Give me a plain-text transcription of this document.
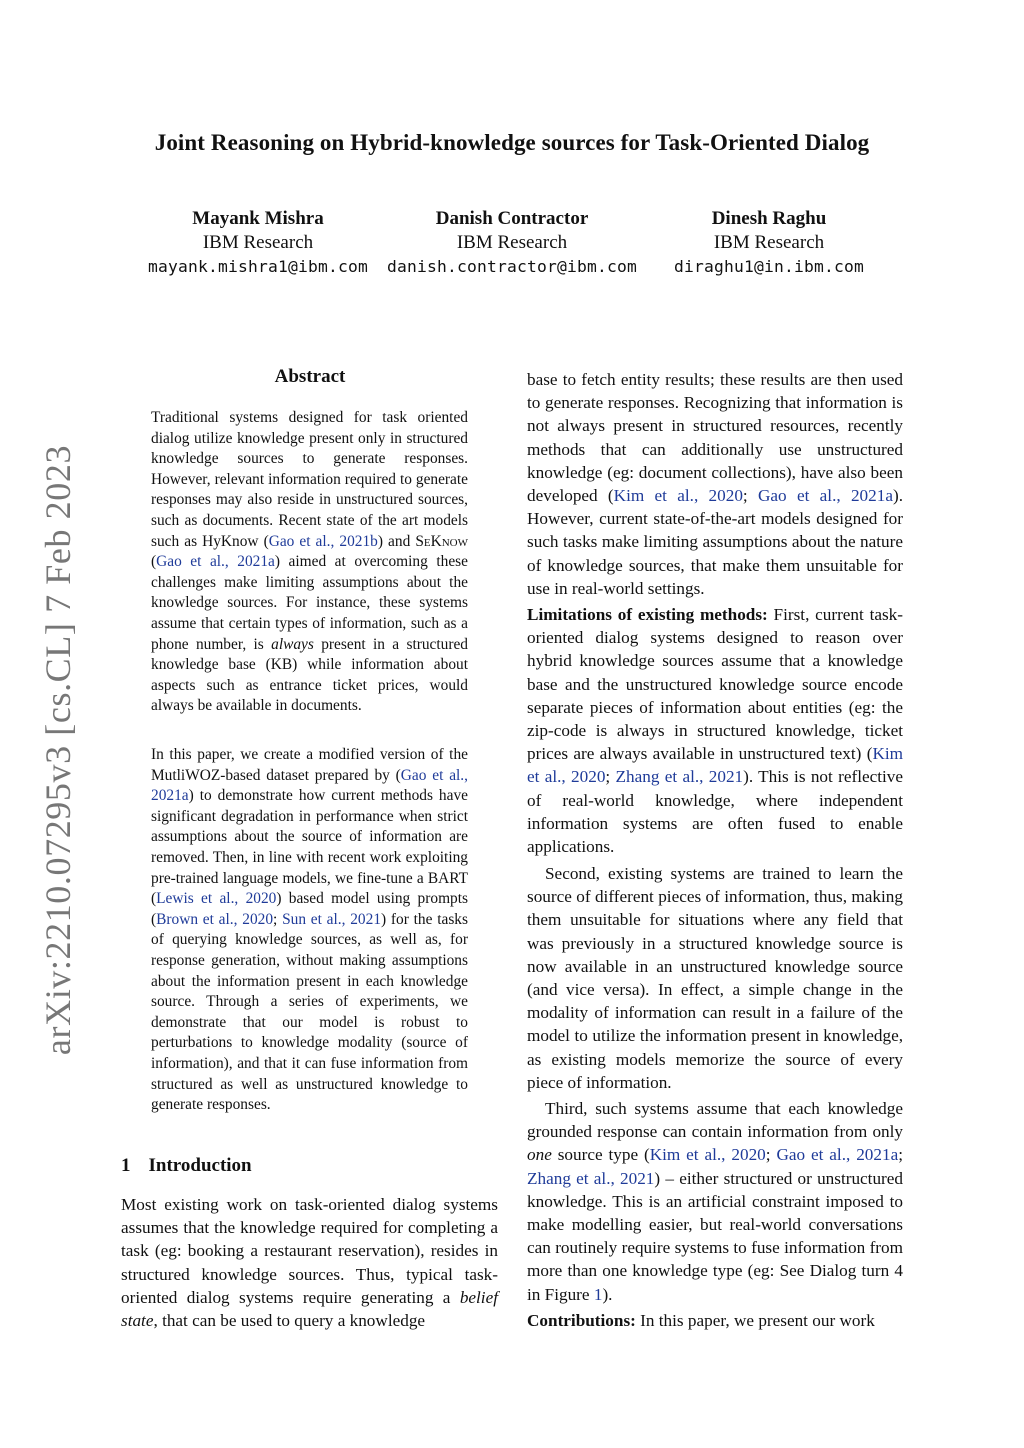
Joint Reasoning on Hybrid-knowledge sources for Task-Oriented Dialog
Mayank Mishra
IBM Research
mayank.mishra1@ibm.com
Danish Contractor
IBM Research
danish.contractor@ibm.com
Dinesh Raghu
IBM Research
diraghu1@in.ibm.com
arXiv:2210.07295v3 [cs.CL] 7 Feb 2023
Abstract

Traditional systems designed for task oriented dialog utilize knowledge present only in structured knowledge sources to generate responses. However, relevant information required to generate responses may also reside in unstructured sources, such as documents. Recent state of the art models such as HyKnow (Gao et al., 2021b) and SeKnow (Gao et al., 2021a) aimed at overcoming these challenges make limiting assumptions about the knowledge sources. For instance, these systems assume that certain types of information, such as a phone number, is always present in a structured knowledge base (KB) while information about aspects such as entrance ticket prices, would always be available in documents.

In this paper, we create a modified version of the MutliWOZ-based dataset prepared by (Gao et al., 2021a) to demonstrate how current methods have significant degradation in performance when strict assumptions about the source of information are removed. Then, in line with recent work exploiting pre-trained language models, we fine-tune a BART (Lewis et al., 2020) based model using prompts (Brown et al., 2020; Sun et al., 2021) for the tasks of querying knowledge sources, as well as, for response generation, without making assumptions about the information present in each knowledge source. Through a series of experiments, we demonstrate that our model is robust to perturbations to knowledge modality (source of information), and that it can fuse information from structured as well as unstructured knowledge to generate responses.

1 Introduction

Most existing work on task-oriented dialog systems assumes that the knowledge required for completing a task (eg: booking a restaurant reservation), resides in structured knowledge sources. Thus, typical task-oriented dialog systems require generating a belief state, that can be used to query a knowledge

base to fetch entity results; these results are then used to generate responses. Recognizing that information is not always present in structured resources, recently methods that can additionally use unstructured knowledge (eg: document collections), have also been developed (Kim et al., 2020; Gao et al., 2021a). However, current state-of-the-art models designed for such tasks make limiting assumptions about the nature of knowledge sources, that make them unsuitable for use in real-world settings.

Limitations of existing methods: First, current task-oriented dialog systems designed to reason over hybrid knowledge sources assume that a knowledge base and the unstructured knowledge source encode separate pieces of information about entities (eg: the zip-code is always in structured knowledge, ticket prices are always available in unstructured text) (Kim et al., 2020; Zhang et al., 2021). This is not reflective of real-world knowledge, where independent information systems are often fused to enable applications.

Second, existing systems are trained to learn the source of different pieces of information, thus, making them unsuitable for situations where any field that was previously in a structured knowledge source is now available in an unstructured knowledge source (and vice versa). In effect, a simple change in the modality of information can result in a failure of the model to utilize the information present in knowledge, as existing models memorize the source of every piece of information.

Third, such systems assume that each knowledge grounded response can contain information from only one source type (Kim et al., 2020; Gao et al., 2021a; Zhang et al., 2021) – either structured or unstructured knowledge. This is an artificial constraint imposed to make modelling easier, but real-world conversations can routinely require systems to fuse information from more than one knowledge type (eg: See Dialog turn 4 in Figure 1).

Contributions: In this paper, we present our work
